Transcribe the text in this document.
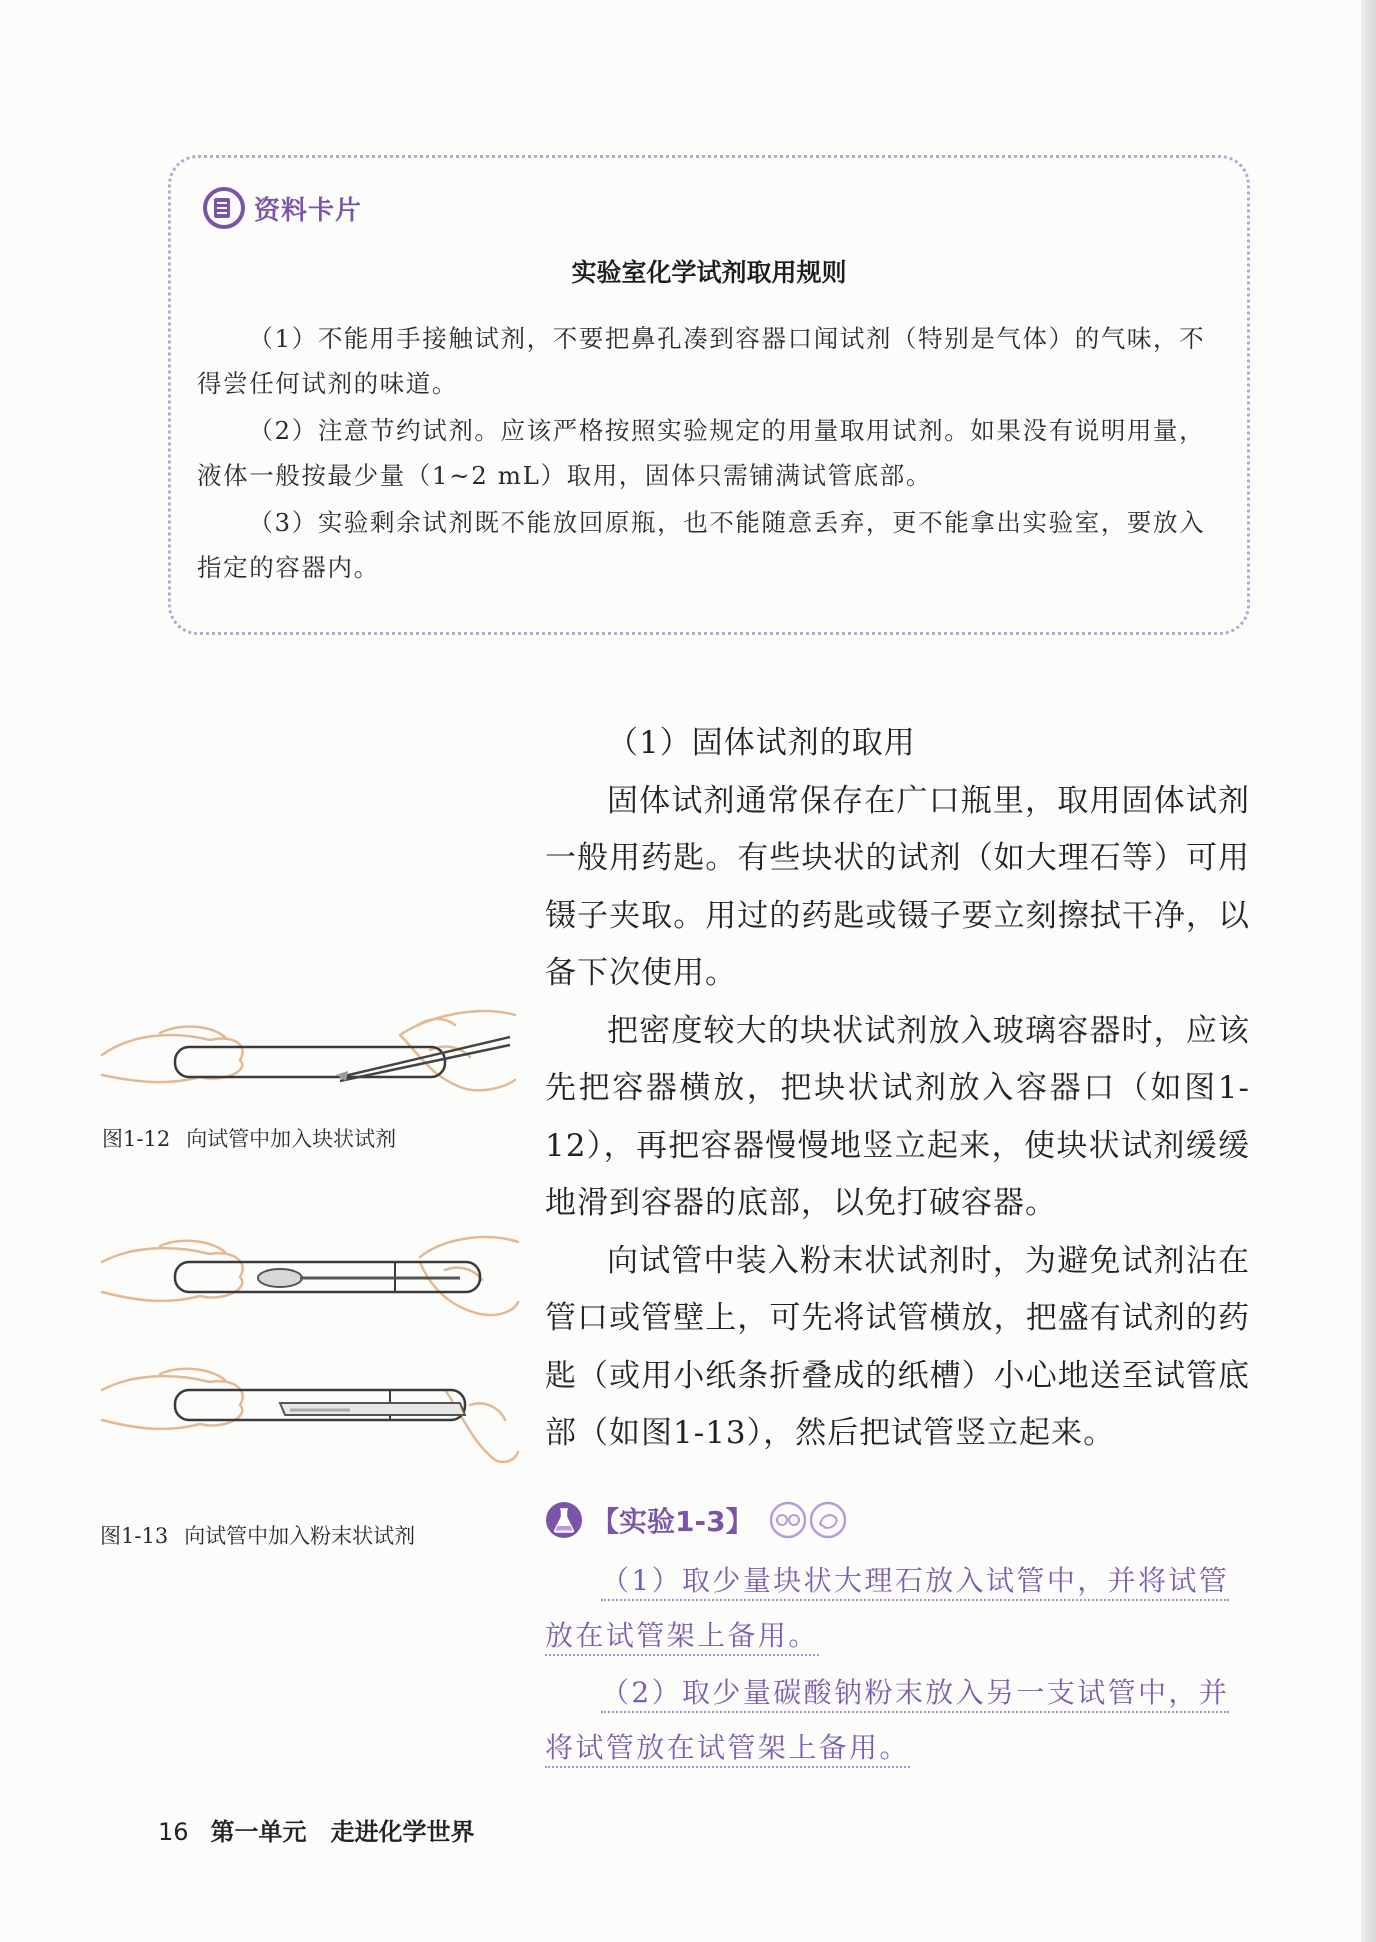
资料卡片
实验室化学试剂取用规则

（1）不能用手接触试剂，不要把鼻孔凑到容器口闻试剂（特别是气体）的气味，不得尝任何试剂的味道。

（2）注意节约试剂。应该严格按照实验规定的用量取用试剂。如果没有说明用量，液体一般按最少量（1~2 mL）取用，固体只需铺满试管底部。

（3）实验剩余试剂既不能放回原瓶，也不能随意丢弃，更不能拿出实验室，要放入指定的容器内。

图1-12 向试管中加入块状试剂
图1-13 向试管中加入粉末状试剂

（1）固体试剂的取用

固体试剂通常保存在广口瓶里，取用固体试剂一般用药匙。有些块状的试剂（如大理石等）可用镊子夹取。用过的药匙或镊子要立刻擦拭干净，以备下次使用。

把密度较大的块状试剂放入玻璃容器时，应该先把容器横放，把块状试剂放入容器口（如图1-12），再把容器慢慢地竖立起来，使块状试剂缓缓地滑到容器的底部，以免打破容器。

向试管中装入粉末状试剂时，为避免试剂沾在管口或管壁上，可先将试管横放，把盛有试剂的药匙（或用小纸条折叠成的纸槽）小心地送至试管底部（如图1-13），然后把试管竖立起来。

【实验1-3】

（1）取少量块状大理石放入试管中，并将试管放在试管架上备用。

（2）取少量碳酸钠粉末放入另一支试管中，并将试管放在试管架上备用。

16 第一单元　走进化学世界
